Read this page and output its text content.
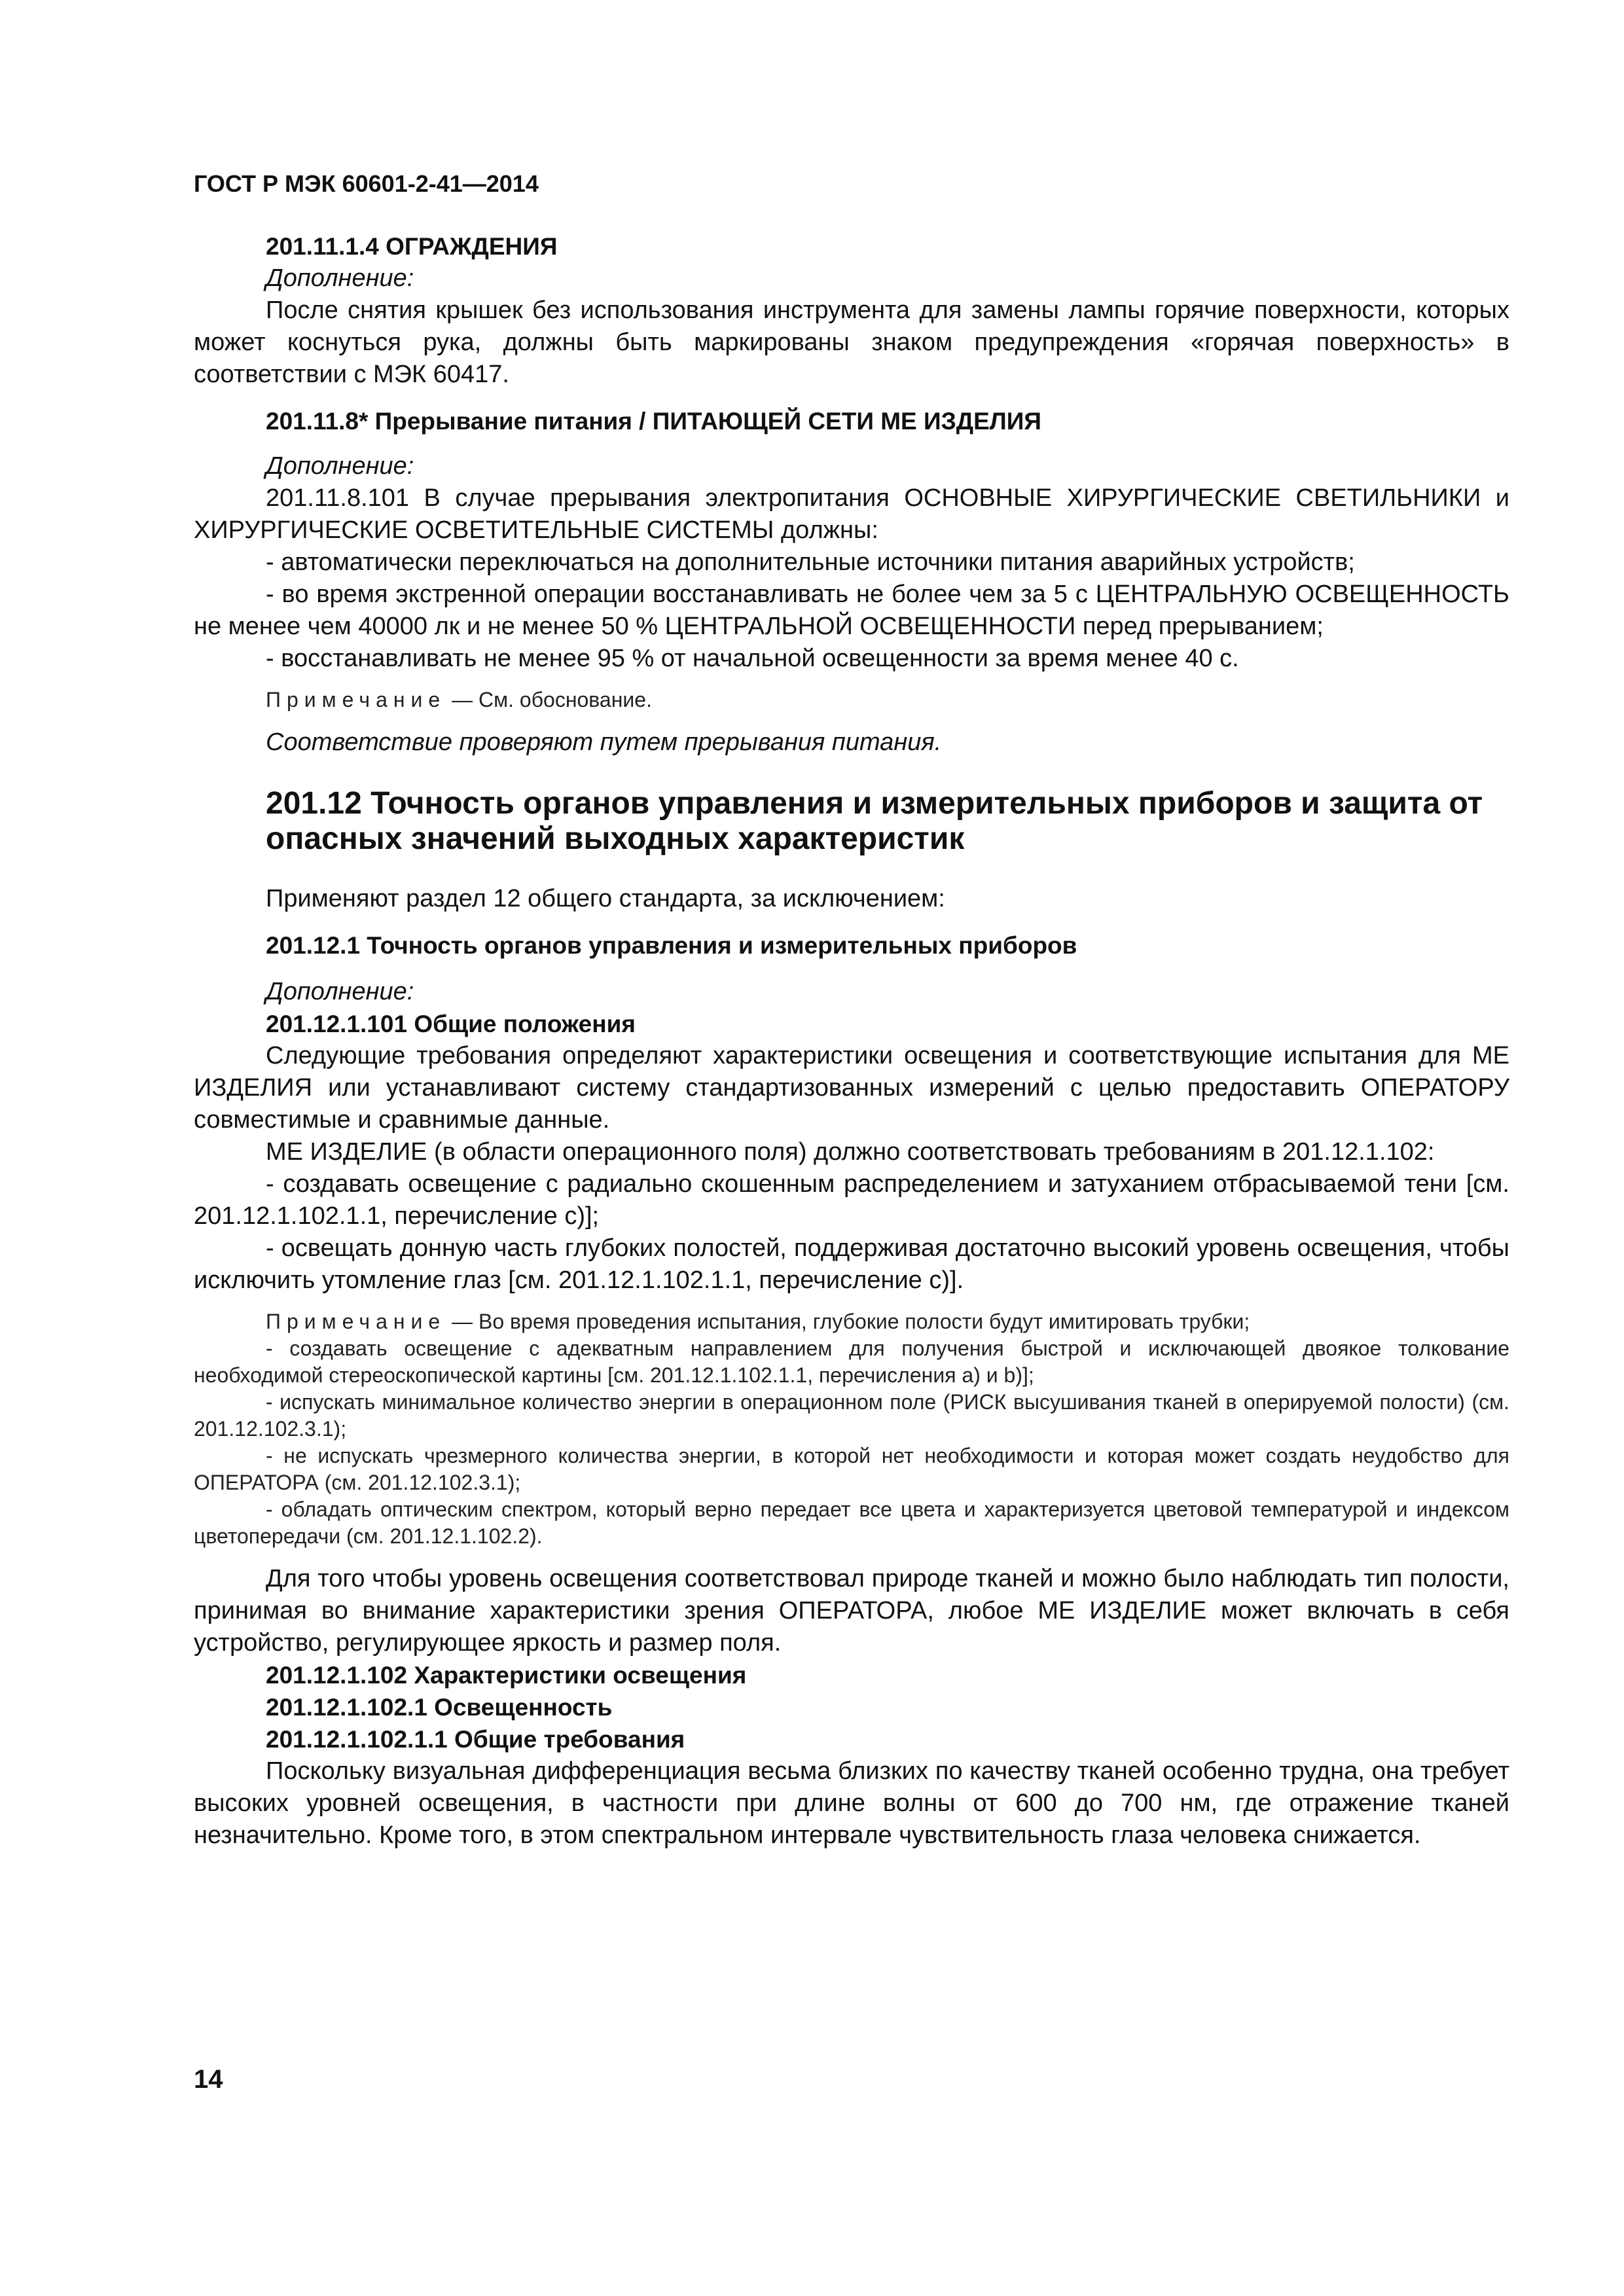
ГОСТ Р МЭК 60601-2-41—2014

201.11.1.4 ОГРАЖДЕНИЯ

Дополнение:

После снятия крышек без использования инструмента для замены лампы горячие поверхности, которых может коснуться рука, должны быть маркированы знаком предупреждения «горячая поверхность» в соответствии с МЭК 60417.

201.11.8* Прерывание питания / ПИТАЮЩЕЙ СЕТИ МЕ ИЗДЕЛИЯ

Дополнение:

201.11.8.101 В случае прерывания электропитания ОСНОВНЫЕ ХИРУРГИЧЕСКИЕ СВЕТИЛЬНИКИ и ХИРУРГИЧЕСКИЕ ОСВЕТИТЕЛЬНЫЕ СИСТЕМЫ должны:

- автоматически переключаться на дополнительные источники питания аварийных устройств;

- во время экстренной операции восстанавливать не более чем за 5 с ЦЕНТРАЛЬНУЮ ОСВЕЩЕННОСТЬ не менее чем 40000 лк и не менее 50 % ЦЕНТРАЛЬНОЙ ОСВЕЩЕННОСТИ перед прерыванием;

- восстанавливать не менее 95 % от начальной освещенности за время менее 40 с.

Примечание — См. обоснование.

Соответствие проверяют путем прерывания питания.

201.12 Точность органов управления и измерительных приборов и защита от опасных значений выходных характеристик

Применяют раздел 12 общего стандарта, за исключением:

201.12.1 Точность органов управления и измерительных приборов

Дополнение:

201.12.1.101 Общие положения

Следующие требования определяют характеристики освещения и соответствующие испытания для МЕ ИЗДЕЛИЯ или устанавливают систему стандартизованных измерений с целью предоставить ОПЕРАТОРУ совместимые и сравнимые данные.

МЕ ИЗДЕЛИЕ (в области операционного поля) должно соответствовать требованиям в 201.12.1.102:

- создавать освещение с радиально скошенным распределением и затуханием отбрасываемой тени [см. 201.12.1.102.1.1, перечисление с)];

- освещать донную часть глубоких полостей, поддерживая достаточно высокий уровень освещения, чтобы исключить утомление глаз [см. 201.12.1.102.1.1, перечисление с)].

Примечание — Во время проведения испытания, глубокие полости будут имитировать трубки;

- создавать освещение с адекватным направлением для получения быстрой и исключающей двоякое толкование необходимой стереоскопической картины [см. 201.12.1.102.1.1, перечисления а) и b)];

- испускать минимальное количество энергии в операционном поле (РИСК высушивания тканей в оперируемой полости) (см. 201.12.102.3.1);

- не испускать чрезмерного количества энергии, в которой нет необходимости и которая может создать неудобство для ОПЕРАТОРА (см. 201.12.102.3.1);

- обладать оптическим спектром, который верно передает все цвета и характеризуется цветовой температурой и индексом цветопередачи (см. 201.12.1.102.2).

Для того чтобы уровень освещения соответствовал природе тканей и можно было наблюдать тип полости, принимая во внимание характеристики зрения ОПЕРАТОРА, любое МЕ ИЗДЕЛИЕ может включать в себя устройство, регулирующее яркость и размер поля.

201.12.1.102 Характеристики освещения

201.12.1.102.1 Освещенность

201.12.1.102.1.1 Общие требования

Поскольку визуальная дифференциация весьма близких по качеству тканей особенно трудна, она требует высоких уровней освещения, в частности при длине волны от 600 до 700 нм, где отражение тканей незначительно. Кроме того, в этом спектральном интервале чувствительность глаза человека снижается.

14
